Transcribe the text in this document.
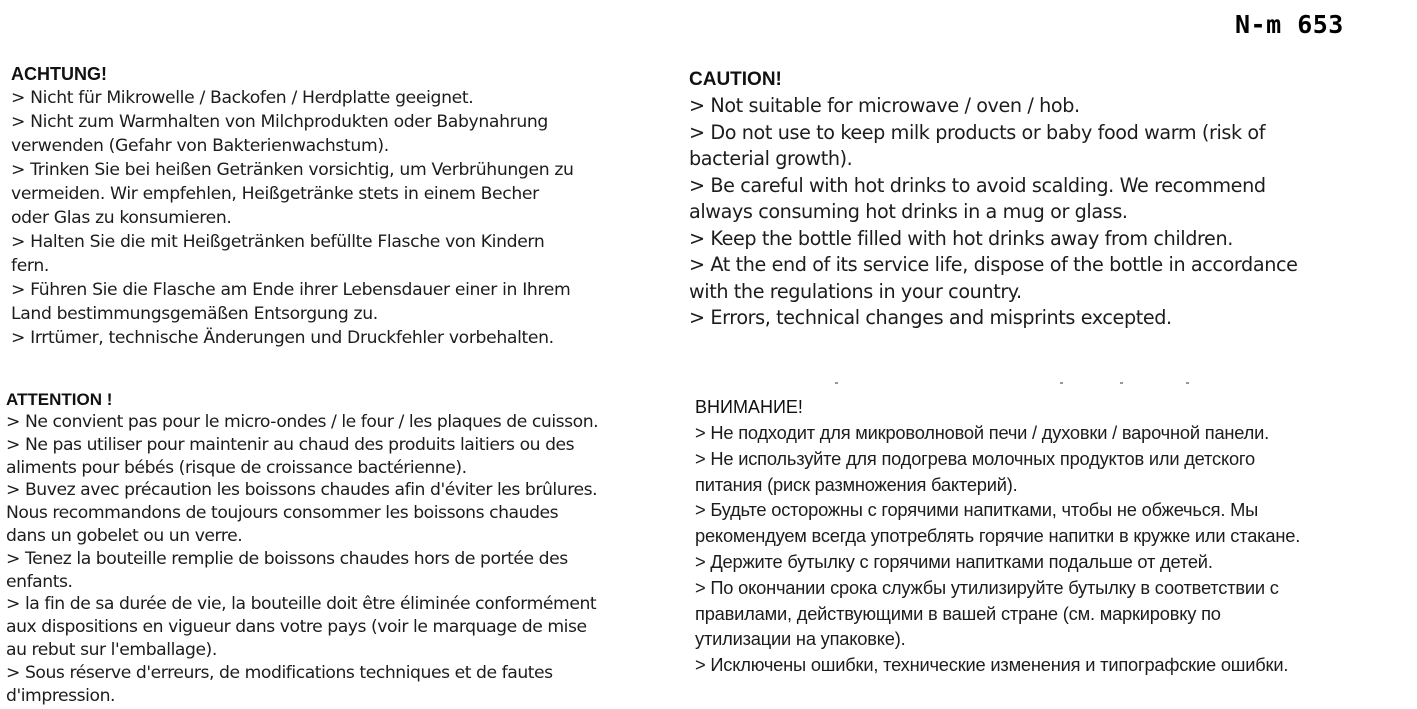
N-m 653
ACHTUNG!
> Nicht für Mikrowelle / Backofen / Herdplatte geeignet.
> Nicht zum Warmhalten von Milchprodukten oder Babynahrung
verwenden (Gefahr von Bakterienwachstum).
> Trinken Sie bei heißen Getränken vorsichtig, um Verbrühungen zu
vermeiden. Wir empfehlen, Heißgetränke stets in einem Becher
oder Glas zu konsumieren.
> Halten Sie die mit Heißgetränken befüllte Flasche von Kindern
fern.
> Führen Sie die Flasche am Ende ihrer Lebensdauer einer in Ihrem
Land bestimmungsgemäßen Entsorgung zu.
> Irrtümer, technische Änderungen und Druckfehler vorbehalten.
CAUTION!
> Not suitable for microwave / oven / hob.
> Do not use to keep milk products or baby food warm (risk of
bacterial growth).
> Be careful with hot drinks to avoid scalding. We recommend
always consuming hot drinks in a mug or glass.
> Keep the bottle filled with hot drinks away from children.
> At the end of its service life, dispose of the bottle in accordance
with the regulations in your country.
> Errors, technical changes and misprints excepted.
ATTENTION !
> Ne convient pas pour le micro-ondes / le four / les plaques de cuisson.
> Ne pas utiliser pour maintenir au chaud des produits laitiers ou des
aliments pour bébés (risque de croissance bactérienne).
> Buvez avec précaution les boissons chaudes afin d'éviter les brûlures.
Nous recommandons de toujours consommer les boissons chaudes
dans un gobelet ou un verre.
> Tenez la bouteille remplie de boissons chaudes hors de portée des
enfants.
> la fin de sa durée de vie, la bouteille doit être éliminée conformément
aux dispositions en vigueur dans votre pays (voir le marquage de mise
au rebut sur l'emballage).
> Sous réserve d'erreurs, de modifications techniques et de fautes
d'impression.
ВНИМАНИЕ!
> Не подходит для микроволновой печи / духовки / варочной панели.
> Не используйте для подогрева молочных продуктов или детского
питания (риск размножения бактерий).
> Будьте осторожны с горячими напитками, чтобы не обжечься. Мы
рекомендуем всегда употреблять горячие напитки в кружке или стакане.
> Держите бутылку с горячими напитками подальше от детей.
> По окончании срока службы утилизируйте бутылку в соответствии с
правилами, действующими в вашей стране (см. маркировку по
утилизации на упаковке).
> Исключены ошибки, технические изменения и типографские ошибки.
